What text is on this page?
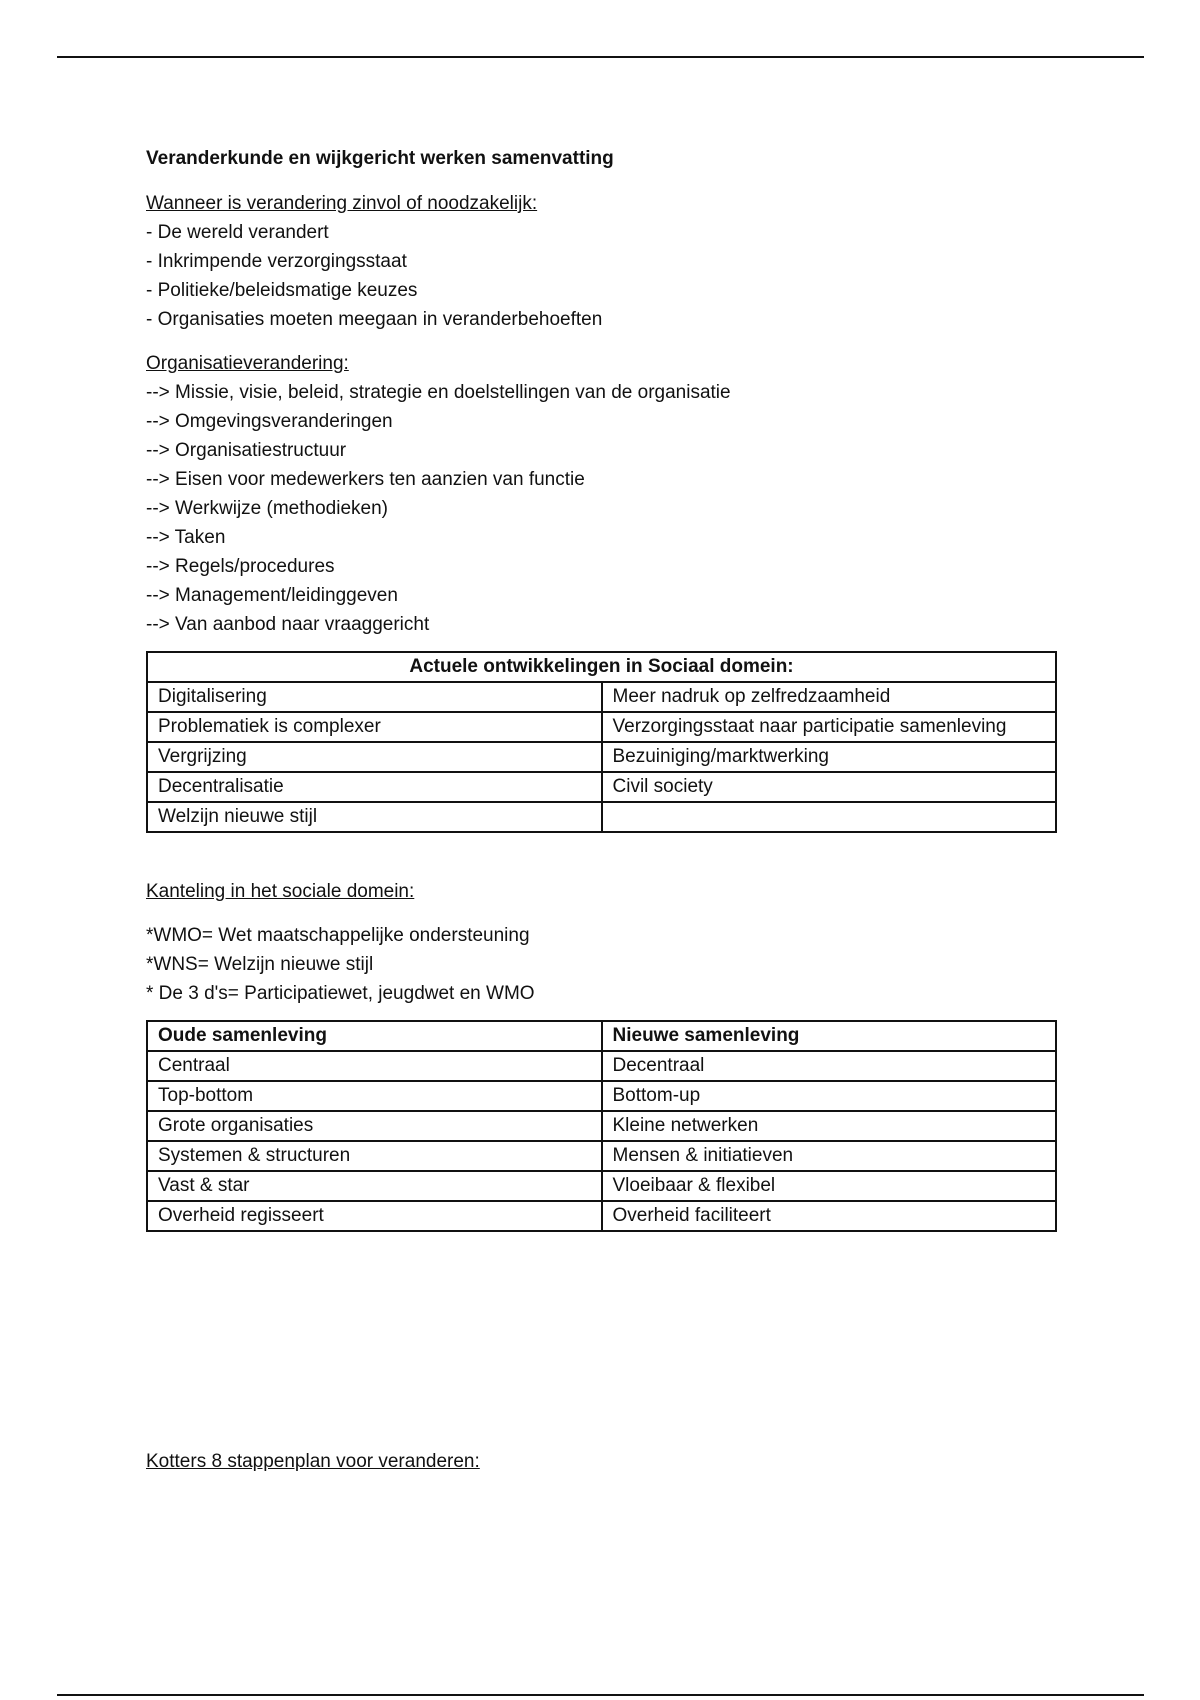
Veranderkunde en wijkgericht werken samenvatting

Wanneer is verandering zinvol of noodzakelijk:

- De wereld verandert
- Inkrimpende verzorgingsstaat
- Politieke/beleidsmatige keuzes
- Organisaties moeten meegaan in veranderbehoeften

Organisatieverandering:

--> Missie, visie, beleid, strategie en doelstellingen van de organisatie
--> Omgevingsveranderingen
--> Organisatiestructuur
--> Eisen voor medewerkers ten aanzien van functie
--> Werkwijze (methodieken)
--> Taken
--> Regels/procedures
--> Management/leidinggeven
--> Van aanbod naar vraaggericht
Actuele ontwikkelingen in Sociaal domein:	
Digitalisering	Meer nadruk op zelfredzaamheid
Problematiek is complexer	Verzorgingsstaat naar participatie samenleving
Vergrijzing	Bezuiniging/marktwerking
Decentralisatie	Civil society
Welzijn nieuwe stijl	

Kanteling in het sociale domein:

*WMO= Wet maatschappelijke ondersteuning
*WNS= Welzijn nieuwe stijl
* De 3 d's= Participatiewet, jeugdwet en WMO
Oude samenleving	Nieuwe samenleving
Centraal	Decentraal
Top-bottom	Bottom-up
Grote organisaties	Kleine netwerken
Systemen & structuren	Mensen & initiatieven
Vast & star	Vloeibaar & flexibel
Overheid regisseert	Overheid faciliteert

Kotters 8 stappenplan voor veranderen:
